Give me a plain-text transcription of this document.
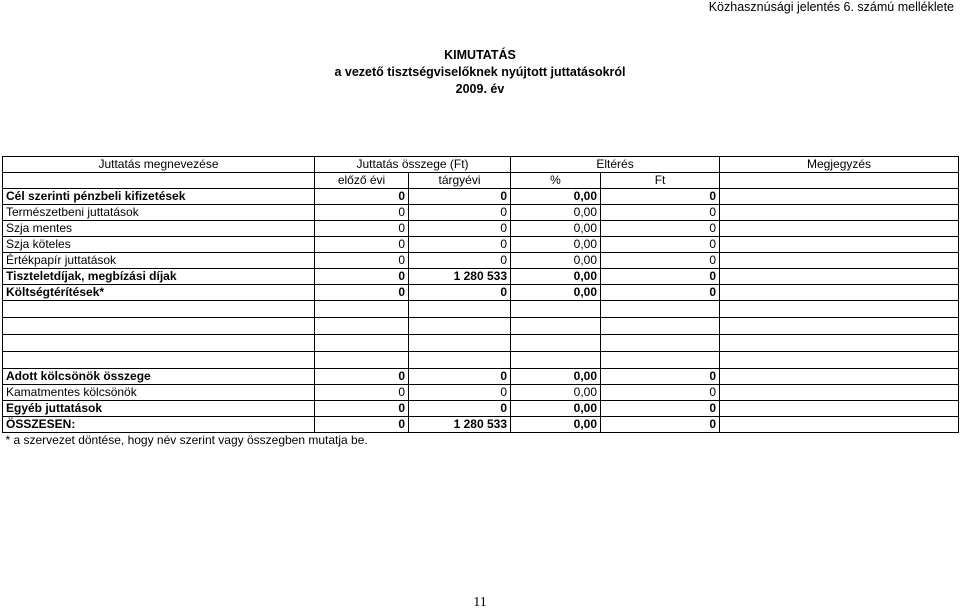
Közhasznúsági jelentés 6. számú melléklete
KIMUTATÁS
a vezető tisztségviselőknek nyújtott juttatásokról
2009. év
Juttatás megnevezése	Juttatás összege (Ft)		Eltérés		Megjegyzés
	előző évi	tárgyévi	%	Ft	
Cél szerinti pénzbeli kifizetések	0	0	0,00	0	
Természetbeni juttatások	0	0	0,00	0	
Szja mentes	0	0	0,00	0	
Szja köteles	0	0	0,00	0	
Értékpapír juttatások	0	0	0,00	0	
Tiszteletdíjak, megbízási díjak	0	1 280 533	0,00	0	
Költségtérítések*	0	0	0,00	0	

Adott kölcsönök összege	0	0	0,00	0	
Kamatmentes kölcsönök	0	0	0,00	0	
Egyéb juttatások	0	0	0,00	0	
ÖSSZESEN:	0	1 280 533	0,00	0	
* a szervezet döntése, hogy név szerint vagy összegben mutatja be.					
11
